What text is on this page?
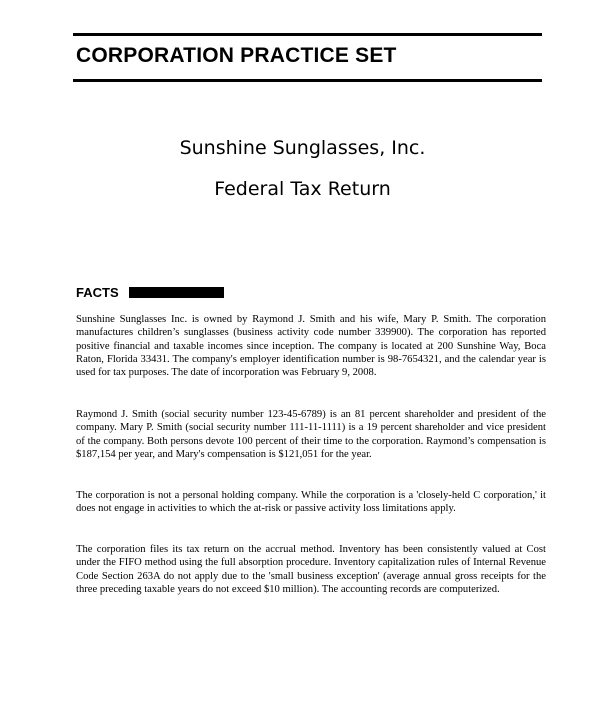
CORPORATION PRACTICE SET
Sunshine Sunglasses, Inc.
Federal Tax Return
FACTS

Sunshine Sunglasses Inc. is owned by Raymond J. Smith and his wife, Mary P. Smith. The corporation manufactures children’s sunglasses (business activity code number 339900). The corporation has reported positive financial and taxable incomes since inception. The company is located at 200 Sunshine Way, Boca Raton, Florida 33431. The company's employer identification number is 98-7654321, and the calendar year is used for tax purposes. The date of incorporation was February 9, 2008.

Raymond J. Smith (social security number 123-45-6789) is an 81 percent shareholder and president of the company. Mary P. Smith (social security number 111-11-1111) is a 19 percent shareholder and vice president of the company. Both persons devote 100 percent of their time to the corporation. Raymond’s compensation is $187,154 per year, and Mary's compensation is $121,051 for the year.

The corporation is not a personal holding company. While the corporation is a 'closely-held C corporation,' it does not engage in activities to which the at-risk or passive activity loss limitations apply.

The corporation files its tax return on the accrual method. Inventory has been consistently valued at Cost under the FIFO method using the full absorption procedure. Inventory capitalization rules of Internal Revenue Code Section 263A do not apply due to the 'small business exception' (average annual gross receipts for the three preceding taxable years do not exceed $10 million). The accounting records are computerized.
